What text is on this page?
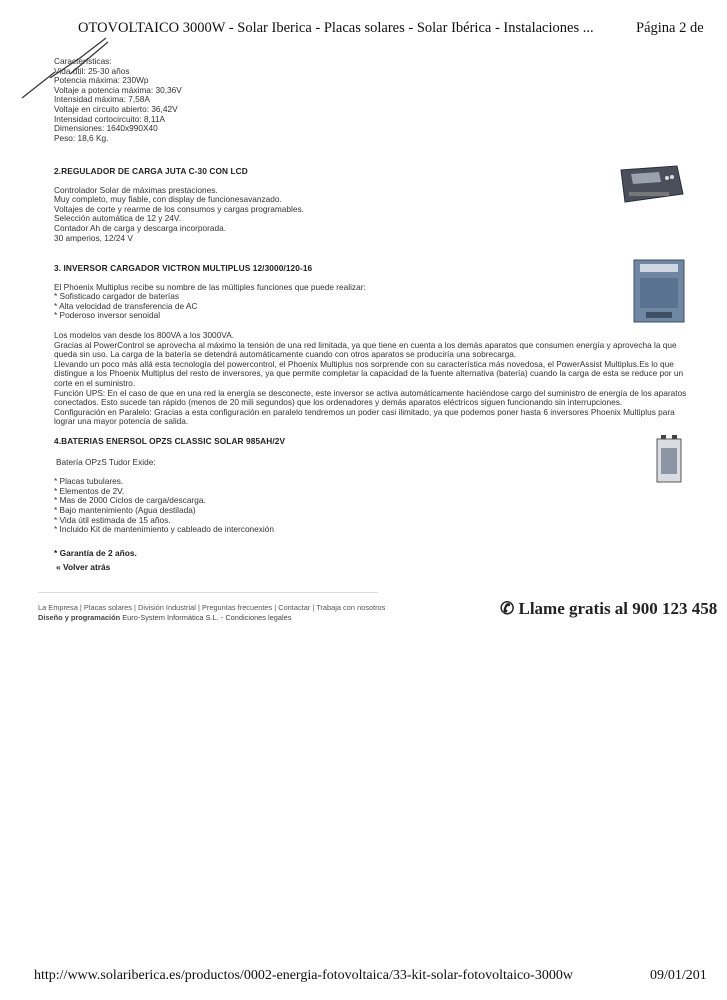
OTOVOLTAICO 3000W - Solar Iberica - Placas solares - Solar Ibérica - Instalaciones ...	Página 2 de
Características:
Vida útil: 25-30 años
Potencia máxima: 230Wp
Voltaje a potencia máxima: 30,36V
Intensidad máxima: 7,58A
Voltaje en circuito abierto: 36,42V
Intensidad cortocircuito: 8,11A
Dimensiones: 1640x990X40
Peso: 18,6 Kg.
2.REGULADOR DE CARGA JUTA C-30 CON LCD
Controlador Solar de máximas prestaciones.
Muy completo, muy fiable, con display de funcionesavanzado.
Voltajes de corte y rearme de los consumos y cargas programables.
Selección automática de 12 y 24V.
Contador Ah de carga y descarga incorporada.
30 amperios, 12/24 V
3. INVERSOR CARGADOR VICTRON MULTIPLUS 12/3000/120-16
El Phoenix Multiplus recibe su nombre de las múltiples funciones que puede realizar:
* Sofisticado cargador de baterías
* Alta velocidad de transferencia de AC
* Poderoso inversor senoidal
Los modelos van desde los 800VA a los 3000VA.
Gracias al PowerControl se aprovecha al máximo la tensión de una red limitada, ya que tiene en cuenta a los demás aparatos que consumen energía y aprovecha la que queda sin uso. La carga de la batería se detendrá automáticamente cuando con otros aparatos se produciría una sobrecarga.
Llevando un poco más allá esta tecnología del powercontrol, el Phoenix Multiplus nos sorprende con su característica más novedosa, el PowerAssist Multiplus.Es lo que distingue a los Phoenix Multiplus del resto de inversores, ya que permite completar la capacidad de la fuente alternativa (batería) cuando la carga de esta se reduce por un corte en el suministro.
Función UPS: En el caso de que en una red la energía se desconecte, este inversor se activa automáticamente haciéndose cargo del suministro de energía de los aparatos conectados. Esto sucede tan rápido (menos de 20 mili segundos) que los ordenadores y demás aparatos eléctricos siguen funcionando sin interrupciones.
Configuración en Paralelo: Gracias a esta configuración en paralelo tendremos un poder casi ilimitado, ya que podemos poner hasta 6 inversores Phoenix Multiplus para lograr una mayor potencia de salida.
4.BATERIAS ENERSOL OPZS CLASSIC SOLAR 985AH/2V
Batería OPzS Tudor Exide:
* Placas tubulares.
* Elementos de 2V.
* Mas de 2000 Ciclos de carga/descarga.
* Bajo mantenimiento (Agua destilada)
* Vida útil estimada de 15 años.
* Incluido Kit de mantenimiento y cableado de interconexión
* Garantía de 2 años.
« Volver atrás
La Empresa | Placas solares | División Industrial | Preguntas frecuentes | Contactar | Trabaja con nosotros
Diseño y programación Euro-System Informática S.L. - Condiciones legales	✆ Llame gratis al 900 123 458
http://www.solariberica.es/productos/0002-energia-fotovoltaica/33-kit-solar-fotovoltaico-3000w	09/01/201
